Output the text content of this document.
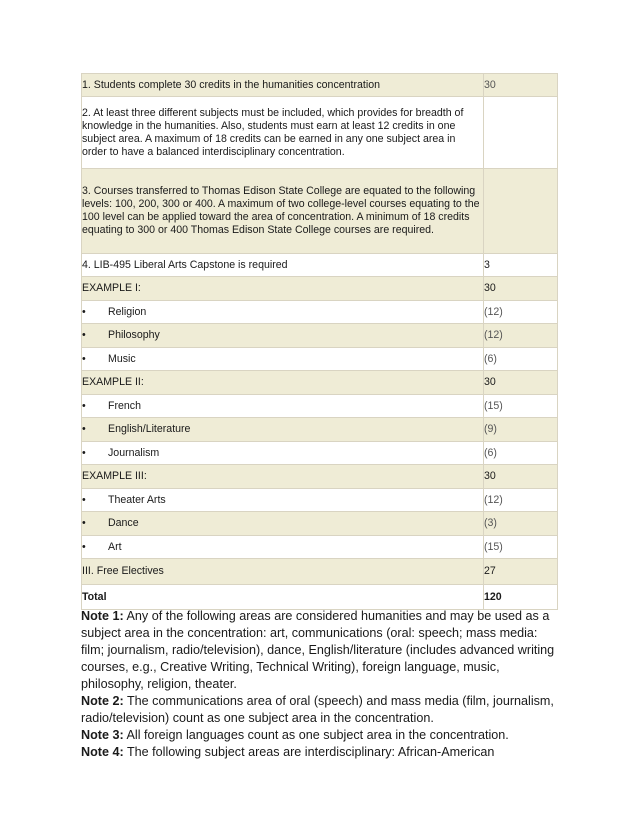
1. Students complete 30 credits in the humanities concentration	30
2. At least three different subjects must be included, which provides for breadth of knowledge in the humanities. Also, students must earn at least 12 credits in one subject area. A maximum of 18 credits can be earned in any one subject area in order to have a balanced interdisciplinary concentration.	
3. Courses transferred to Thomas Edison State College are equated to the following levels: 100, 200, 300 or 400. A maximum of two college-level courses equating to the 100 level can be applied toward the area of concentration. A minimum of 18 credits equating to 300 or 400 Thomas Edison State College courses are required.	
4. LIB-495 Liberal Arts Capstone is required	3
EXAMPLE I:	30
• Religion	(12)
• Philosophy	(12)
• Music	(6)
EXAMPLE II:	30
• French	(15)
• English/Literature	(9)
• Journalism	(6)
EXAMPLE III:	30
• Theater Arts	(12)
• Dance	(3)
• Art	(15)
III. Free Electives	27
Total	120

Note 1: Any of the following areas are considered humanities and may be used as a subject area in the concentration: art, communications (oral: speech; mass media: film; journalism, radio/television), dance, English/literature (includes advanced writing courses, e.g., Creative Writing, Technical Writing), foreign language, music, philosophy, religion, theater.

Note 2: The communications area of oral (speech) and mass media (film, journalism, radio/television) count as one subject area in the concentration.

Note 3: All foreign languages count as one subject area in the concentration.

Note 4: The following subject areas are interdisciplinary: African-American
